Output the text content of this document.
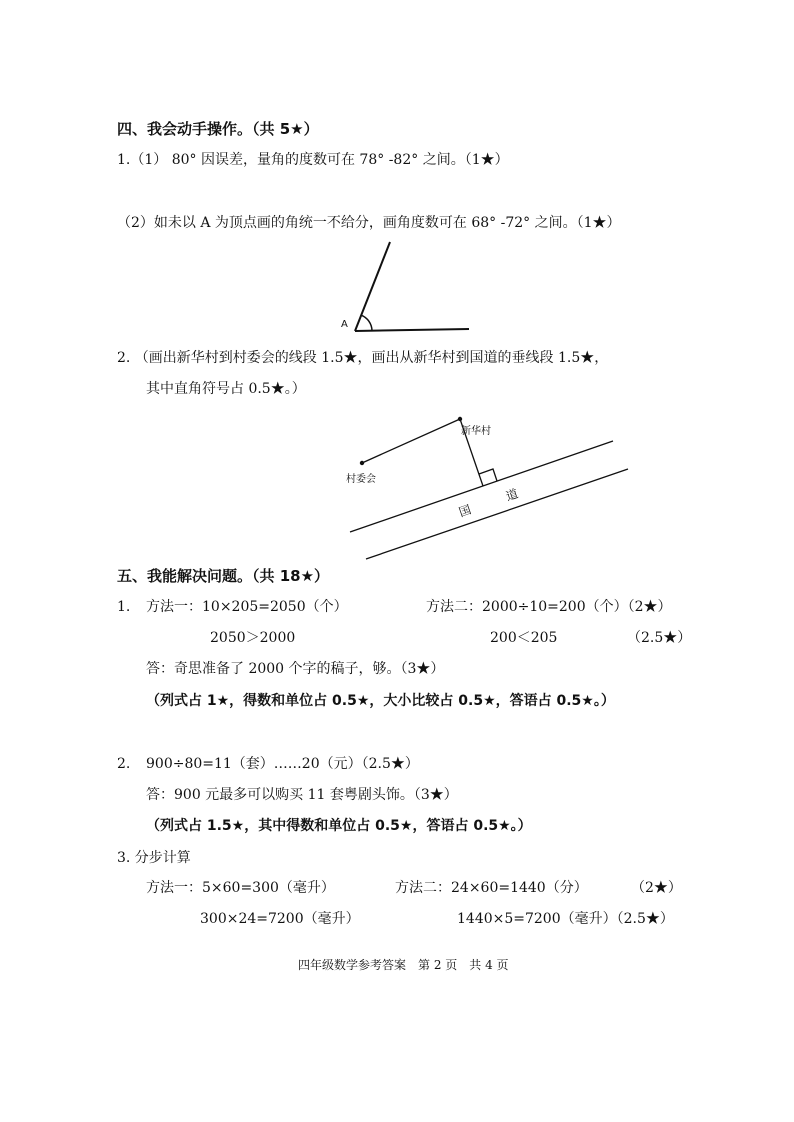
四、我会动手操作。（共 5★）
1.（1） 80° 因误差，量角的度数可在 78° -82° 之间。（1★）
（2）如未以 A 为顶点画的角统一不给分，画角度数可在 68° -72° 之间。（1★）
A
2. （画出新华村到村委会的线段 1.5★，画出从新华村到国道的垂线段 1.5★，
其中直角符号占 0.5★。）
新华村
村委会
国
道
五、我能解决问题。（共 18★）
1. 方法一：10×205=2050（个）	方法二：2000÷10=200（个）（2★）
2050＞2000	200＜205	（2.5★）
答：奇思准备了 2000 个字的稿子，够。（3★）
（列式占 1★，得数和单位占 0.5★，大小比较占 0.5★，答语占 0.5★。）
2. 900÷80=11（套）……20（元）（2.5★）
答：900 元最多可以购买 11 套粤剧头饰。（3★）
（列式占 1.5★，其中得数和单位占 0.5★，答语占 0.5★。）
3. 分步计算
方法一：5×60=300（毫升）	方法二：24×60=1440（分）	（2★）
300×24=7200（毫升）	1440×5=7200（毫升）（2.5★）
四年级数学参考答案　第 2 页　共 4 页
